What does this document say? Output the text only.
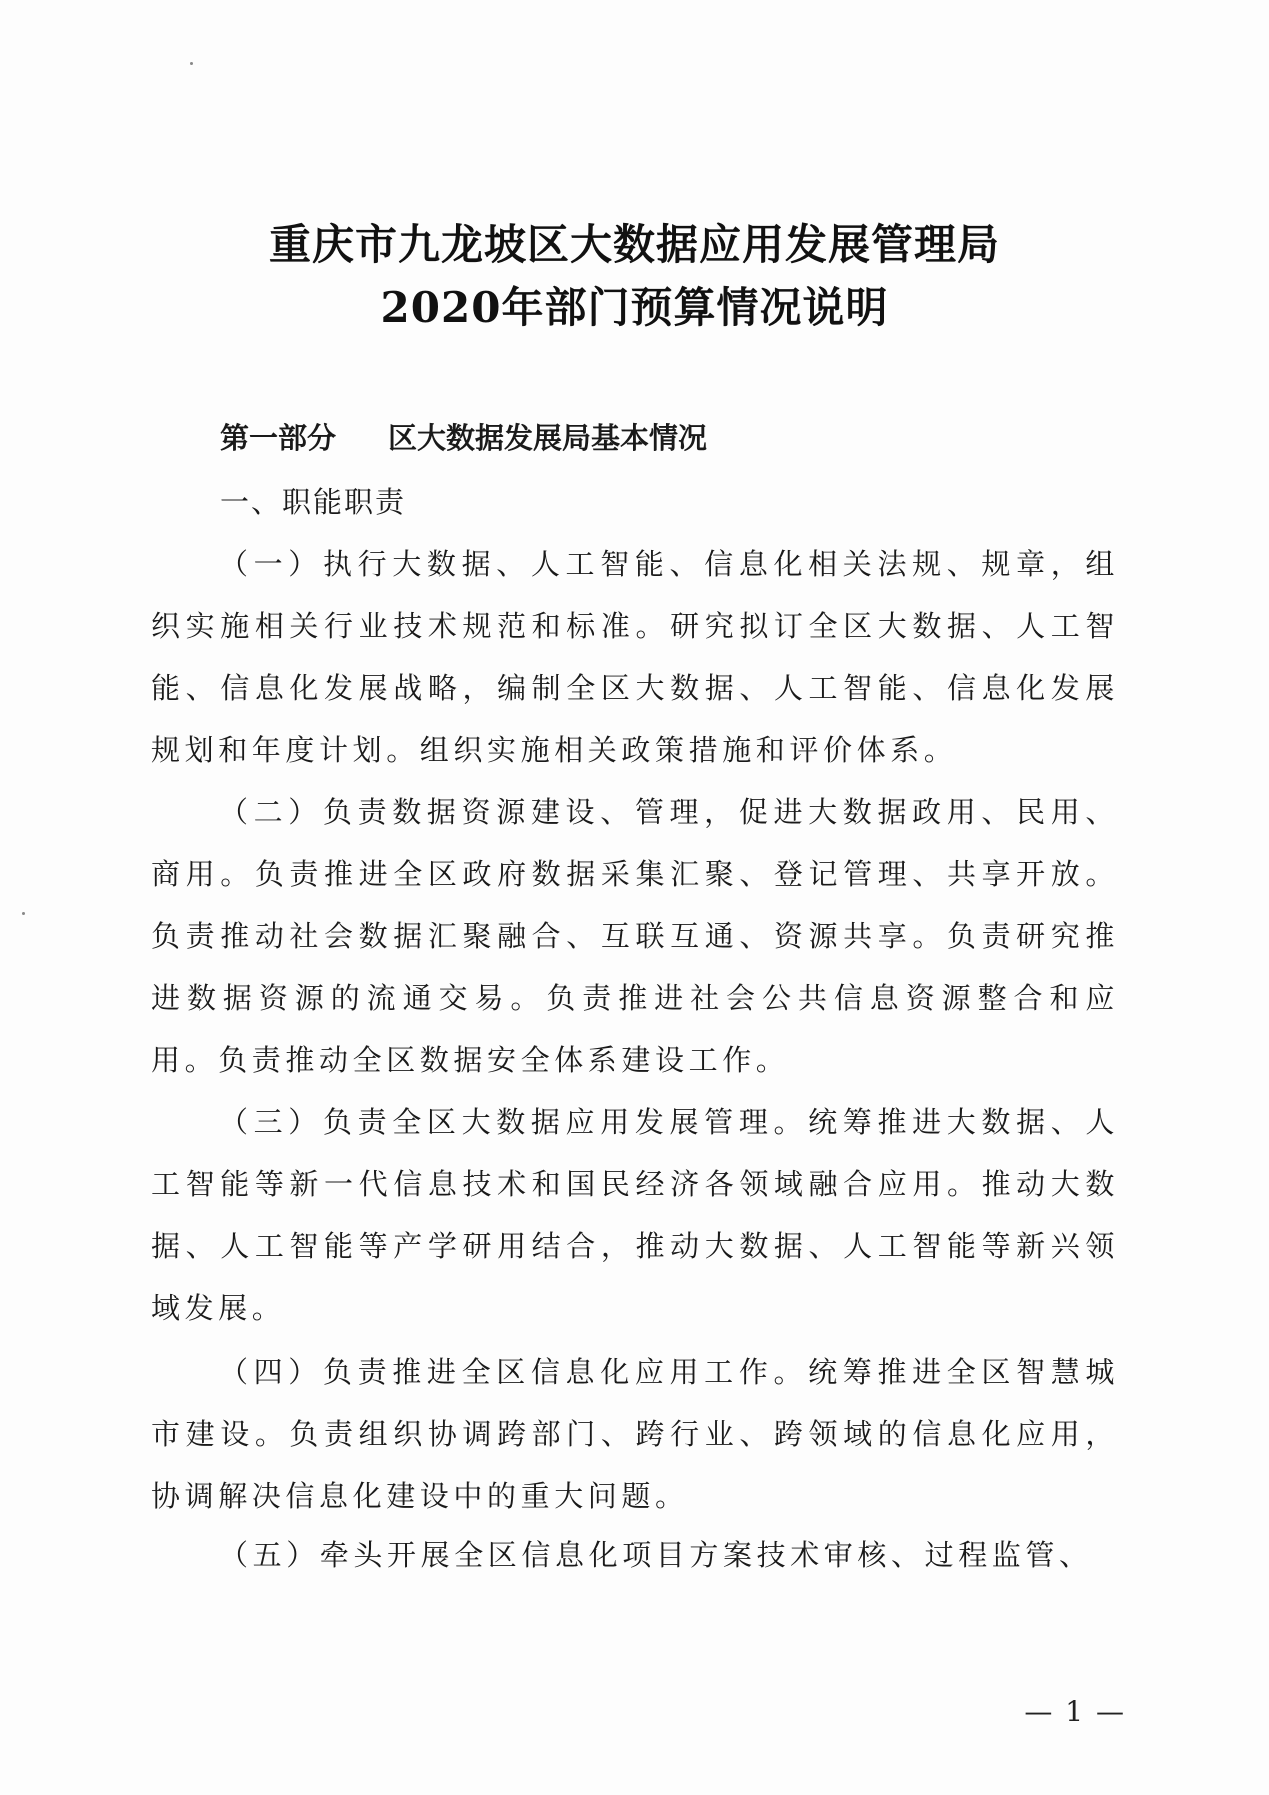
重庆市九龙坡区大数据应用发展管理局
2020年部门预算情况说明
第一部分 区大数据发展局基本情况
一、职能职责

（一）执行大数据、人工智能、信息化相关法规、规章，组织实施相关行业技术规范和标准。研究拟订全区大数据、人工智能、信息化发展战略，编制全区大数据、人工智能、信息化发展规划和年度计划。组织实施相关政策措施和评价体系。

（二）负责数据资源建设、管理，促进大数据政用、民用、商用。负责推进全区政府数据采集汇聚、登记管理、共享开放。负责推动社会数据汇聚融合、互联互通、资源共享。负责研究推进数据资源的流通交易。负责推进社会公共信息资源整合和应用。负责推动全区数据安全体系建设工作。

（三）负责全区大数据应用发展管理。统筹推进大数据、人工智能等新一代信息技术和国民经济各领域融合应用。推动大数据、人工智能等产学研用结合，推动大数据、人工智能等新兴领域发展。

（四）负责推进全区信息化应用工作。统筹推进全区智慧城市建设。负责组织协调跨部门、跨行业、跨领域的信息化应用，协调解决信息化建设中的重大问题。

（五）牵头开展全区信息化项目方案技术审核、过程监管、

— 1 —
